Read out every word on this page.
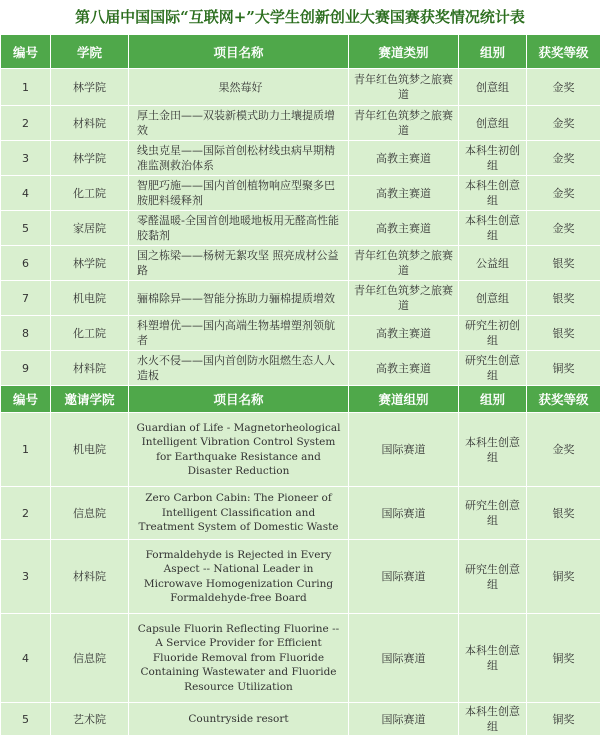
第八届中国国际“互联网+”大学生创新创业大赛国赛获奖情况统计表
编号	学院	项目名称	赛道类别	组别	获奖等级
1	林学院	果然莓好	青年红色筑梦之旅赛道	创意组	金奖
2	材料院	厚土金田——双装新模式助力土壤提质增效	青年红色筑梦之旅赛道	创意组	金奖
3	林学院	线虫克星——国际首创松材线虫病早期精准监测救治体系	高教主赛道	本科生初创组	金奖
4	化工院	智肥巧施——国内首创植物响应型聚多巴胺肥料缓释剂	高教主赛道	本科生创意组	金奖
5	家居院	零醛温暖-全国首创地暖地板用无醛高性能胶黏剂	高教主赛道	本科生创意组	金奖
6	林学院	国之栋梁——杨树无絮攻坚 照亮成材公益路	青年红色筑梦之旅赛道	公益组	银奖
7	机电院	骊棉除异——智能分拣助力骊棉提质增效	青年红色筑梦之旅赛道	创意组	银奖
8	化工院	科塑增优——国内高端生物基增塑剂领航者	高教主赛道	研究生初创组	银奖
9	材料院	水火不侵——国内首创防水阻燃生态人人造板	高教主赛道	研究生创意组	铜奖
编号	邀请学院	项目名称	赛道组别	组别	获奖等级
1	机电院	Guardian of Life - Magnetorheological Intelligent Vibration Control System for Earthquake Resistance and Disaster Reduction	国际赛道	本科生创意组	金奖
2	信息院	Zero Carbon Cabin: The Pioneer of Intelligent Classification and Treatment System of Domestic Waste	国际赛道	研究生创意组	银奖
3	材料院	Formaldehyde is Rejected in Every Aspect -- National Leader in Microwave Homogenization Curing Formaldehyde-free Board	国际赛道	研究生创意组	铜奖
4	信息院	Capsule Fluorin Reflecting Fluorine -- A Service Provider for Efficient Fluoride Removal from Fluoride Containing Wastewater and Fluoride Resource Utilization	国际赛道	本科生创意组	铜奖
5	艺术院	Countryside resort	国际赛道	本科生创意组	铜奖
